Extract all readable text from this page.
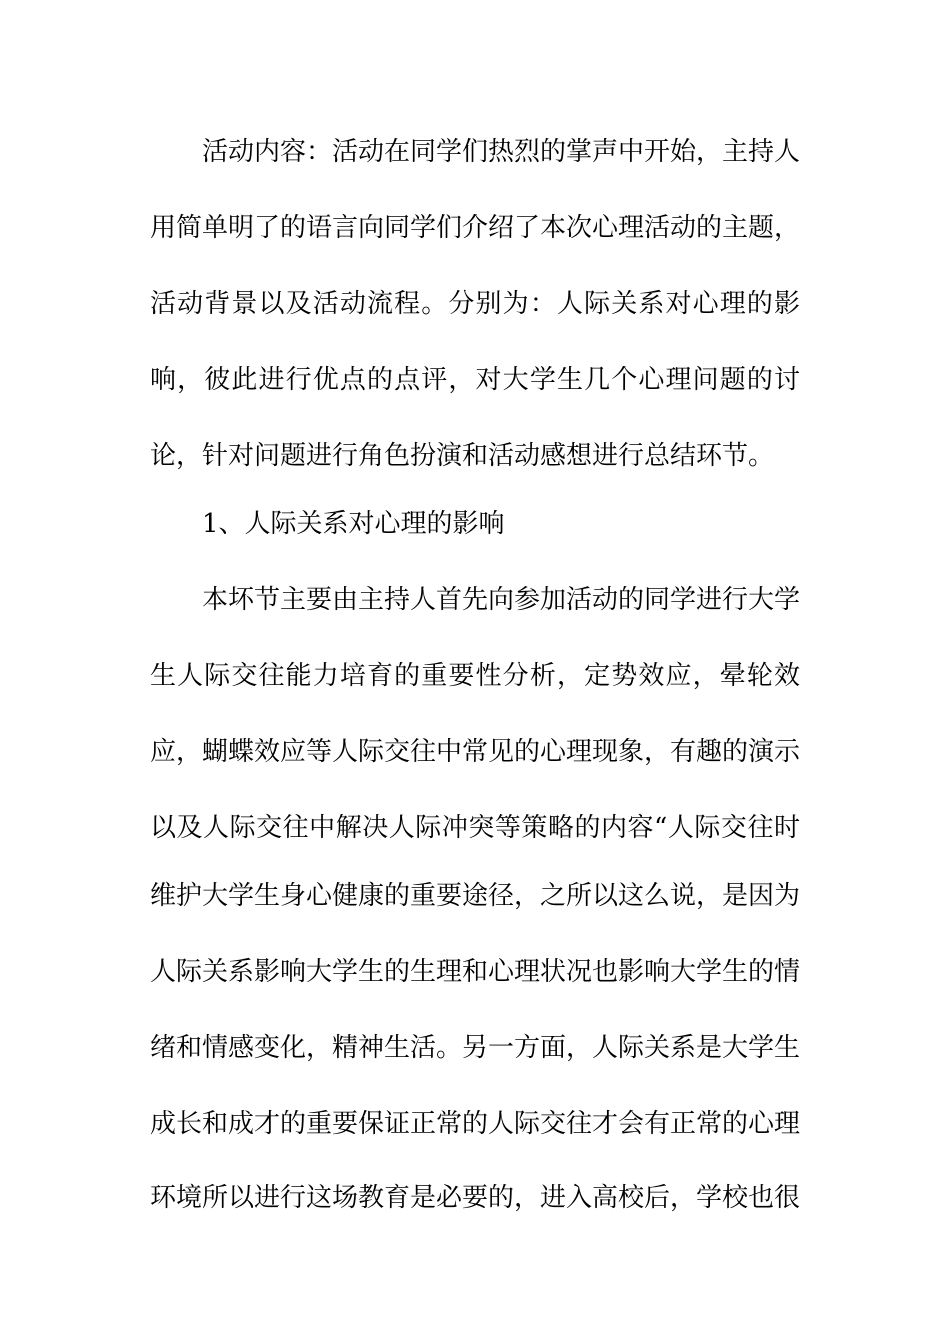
活动内容：活动在同学们热烈的掌声中开始，主持人
用简单明了的语言向同学们介绍了本次心理活动的主题，
活动背景以及活动流程。分别为：人际关系对心理的影
响，彼此进行优点的点评，对大学生几个心理问题的讨
论，针对问题进行角色扮演和活动感想进行总结环节。
1、人际关系对心理的影响
本坏节主要由主持人首先向参加活动的同学进行大学
生人际交往能力培育的重要性分析，定势效应，晕轮效
应，蝴蝶效应等人际交往中常见的心理现象，有趣的演示
以及人际交往中解决人际冲突等策略的内容“人际交往时
维护大学生身心健康的重要途径，之所以这么说，是因为
人际关系影响大学生的生理和心理状况也影响大学生的情
绪和情感变化，精神生活。另一方面，人际关系是大学生
成长和成才的重要保证正常的人际交往才会有正常的心理
环境所以进行这场教育是必要的，进入高校后，学校也很
